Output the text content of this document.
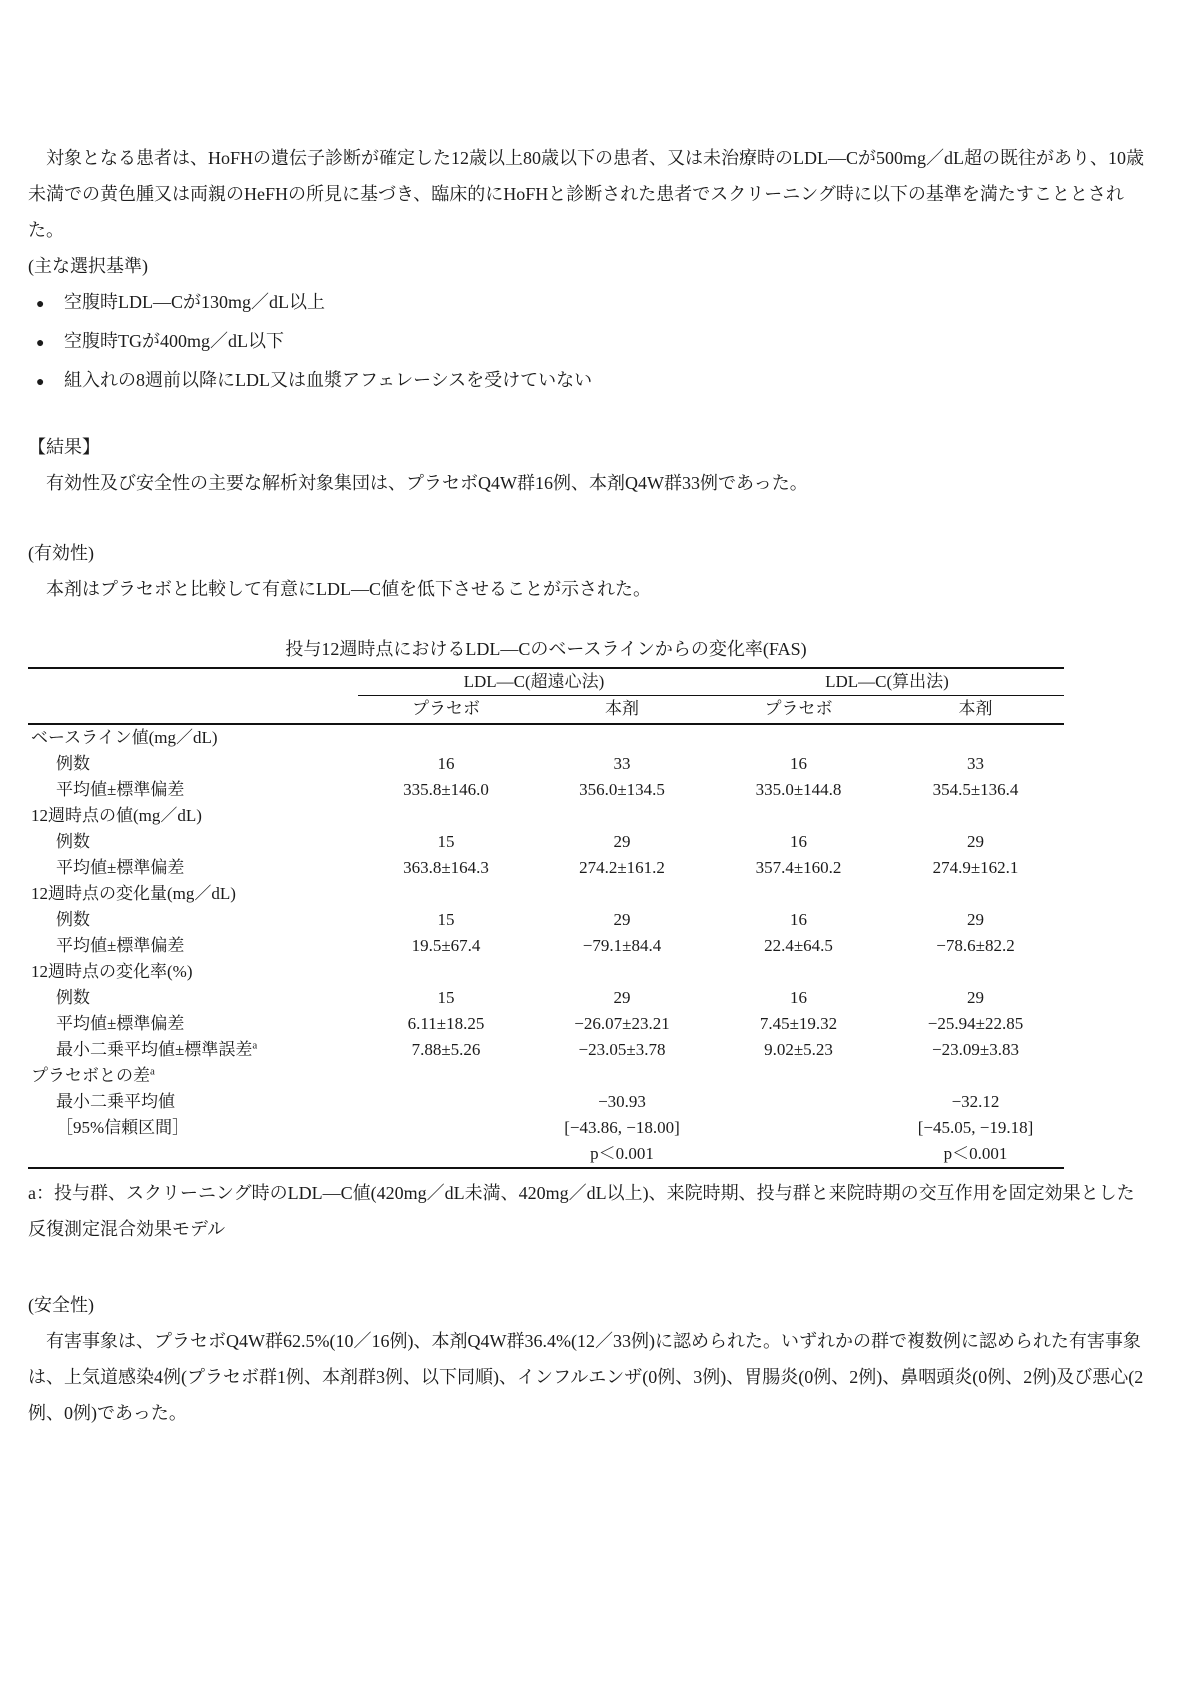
　対象となる患者は、HoFHの遺伝子診断が確定した12歳以上80歳以下の患者、又は未治療時のLDL—Cが500mg／dL超の既往があり、10歳未満での黄色腫又は両親のHeFHの所見に基づき、臨床的にHoFHと診断された患者でスクリーニング時に以下の基準を満たすこととされた。

(主な選択基準)

●	空腹時LDL—Cが130mg／dL以上
●	空腹時TGが400mg／dL以下
●	組入れの8週前以降にLDL又は血漿アフェレーシスを受けていない

【結果】

　有効性及び安全性の主要な解析対象集団は、プラセボQ4W群16例、本剤Q4W群33例であった。

(有効性)

　本剤はプラセボと比較して有意にLDL—C値を低下させることが示された。

投与12週時点におけるLDL—Cのベースラインからの変化率(FAS)

	LDL—C(超遠心法)		LDL—C(算出法)	
	プラセボ	本剤	プラセボ	本剤
ベースライン値(mg／dL)				
例数	16	33	16	33
平均値±標準偏差	335.8±146.0	356.0±134.5	335.0±144.8	354.5±136.4
12週時点の値(mg／dL)				
例数	15	29	16	29
平均値±標準偏差	363.8±164.3	274.2±161.2	357.4±160.2	274.9±162.1
12週時点の変化量(mg／dL)				
例数	15	29	16	29
平均値±標準偏差	19.5±67.4	−79.1±84.4	22.4±64.5	−78.6±82.2
12週時点の変化率(%)				
例数	15	29	16	29
平均値±標準偏差	6.11±18.25	−26.07±23.21	7.45±19.32	−25.94±22.85
最小二乗平均値±標準誤差$^a$	7.88±5.26	−23.05±3.78	9.02±5.23	−23.09±3.83
プラセボとの差$^a$				
最小二乗平均値		−30.93		−32.12
［95%信頼区間］		[−43.86, −18.00]		[−45.05, −19.18]
		p＜0.001		p＜0.001

a：投与群、スクリーニング時のLDL—C値(420mg／dL未満、420mg／dL以上)、来院時期、投与群と来院時期の交互作用を固定効果とした反復測定混合効果モデル

(安全性)

　有害事象は、プラセボQ4W群62.5%(10／16例)、本剤Q4W群36.4%(12／33例)に認められた。いずれかの群で複数例に認められた有害事象は、上気道感染4例(プラセボ群1例、本剤群3例、以下同順)、インフルエンザ(0例、3例)、胃腸炎(0例、2例)、鼻咽頭炎(0例、2例)及び悪心(2例、0例)であった。
